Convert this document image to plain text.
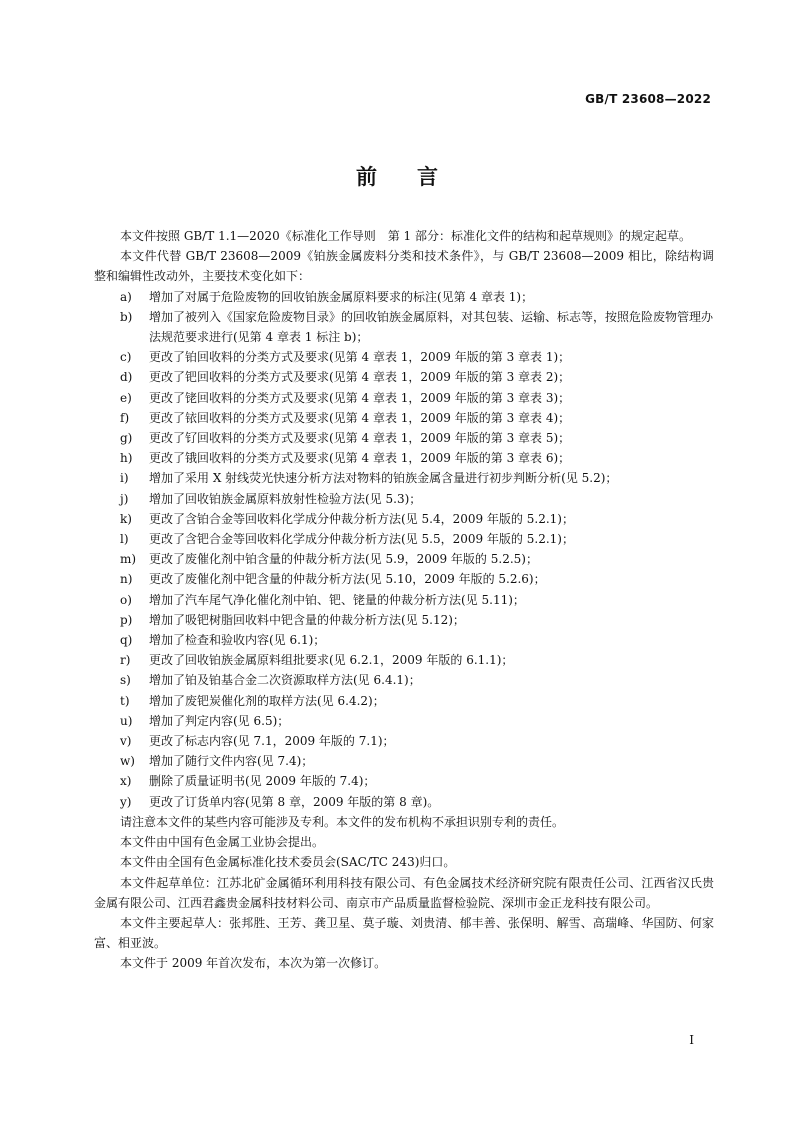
GB/T 23608—2022
前言

本文件按照 GB/T 1.1—2020《标准化工作导则　第 1 部分：标准化文件的结构和起草规则》的规定起草。

本文件代替 GB/T 23608—2009《铂族金属废料分类和技术条件》，与 GB/T 23608—2009 相比，除结构调整和编辑性改动外，主要技术变化如下：

a) 增加了对属于危险废物的回收铂族金属原料要求的标注(见第 4 章表 1)；

b) 增加了被列入《国家危险废物目录》的回收铂族金属原料，对其包装、运输、标志等，按照危险废物管理办法规范要求进行(见第 4 章表 1 标注 b)；

c) 更改了铂回收料的分类方式及要求(见第 4 章表 1，2009 年版的第 3 章表 1)；

d) 更改了钯回收料的分类方式及要求(见第 4 章表 1，2009 年版的第 3 章表 2)；

e) 更改了铑回收料的分类方式及要求(见第 4 章表 1，2009 年版的第 3 章表 3)；

f) 更改了铱回收料的分类方式及要求(见第 4 章表 1，2009 年版的第 3 章表 4)；

g) 更改了钌回收料的分类方式及要求(见第 4 章表 1，2009 年版的第 3 章表 5)；

h) 更改了锇回收料的分类方式及要求(见第 4 章表 1，2009 年版的第 3 章表 6)；

i) 增加了采用 X 射线荧光快速分析方法对物料的铂族金属含量进行初步判断分析(见 5.2)；

j) 增加了回收铂族金属原料放射性检验方法(见 5.3)；

k) 更改了含铂合金等回收料化学成分仲裁分析方法(见 5.4，2009 年版的 5.2.1)；

l) 更改了含钯合金等回收料化学成分仲裁分析方法(见 5.5，2009 年版的 5.2.1)；

m) 更改了废催化剂中铂含量的仲裁分析方法(见 5.9，2009 年版的 5.2.5)；

n) 更改了废催化剂中钯含量的仲裁分析方法(见 5.10，2009 年版的 5.2.6)；

o) 增加了汽车尾气净化催化剂中铂、钯、铑量的仲裁分析方法(见 5.11)；

p) 增加了吸钯树脂回收料中钯含量的仲裁分析方法(见 5.12)；

q) 增加了检查和验收内容(见 6.1)；

r) 更改了回收铂族金属原料组批要求(见 6.2.1，2009 年版的 6.1.1)；

s) 增加了铂及铂基合金二次资源取样方法(见 6.4.1)；

t) 增加了废钯炭催化剂的取样方法(见 6.4.2)；

u) 增加了判定内容(见 6.5)；

v) 更改了标志内容(见 7.1，2009 年版的 7.1)；

w) 增加了随行文件内容(见 7.4)；

x) 删除了质量证明书(见 2009 年版的 7.4)；

y) 更改了订货单内容(见第 8 章，2009 年版的第 8 章)。

请注意本文件的某些内容可能涉及专利。本文件的发布机构不承担识别专利的责任。

本文件由中国有色金属工业协会提出。

本文件由全国有色金属标准化技术委员会(SAC/TC 243)归口。

本文件起草单位：江苏北矿金属循环利用科技有限公司、有色金属技术经济研究院有限责任公司、江西省汉氏贵金属有限公司、江西君鑫贵金属科技材料公司、南京市产品质量监督检验院、深圳市金正龙科技有限公司。

本文件主要起草人：张邦胜、王芳、龚卫星、莫子璇、刘贵清、郁丰善、张保明、解雪、高瑞峰、华国防、何家富、相亚波。

本文件于 2009 年首次发布，本次为第一次修订。

I
